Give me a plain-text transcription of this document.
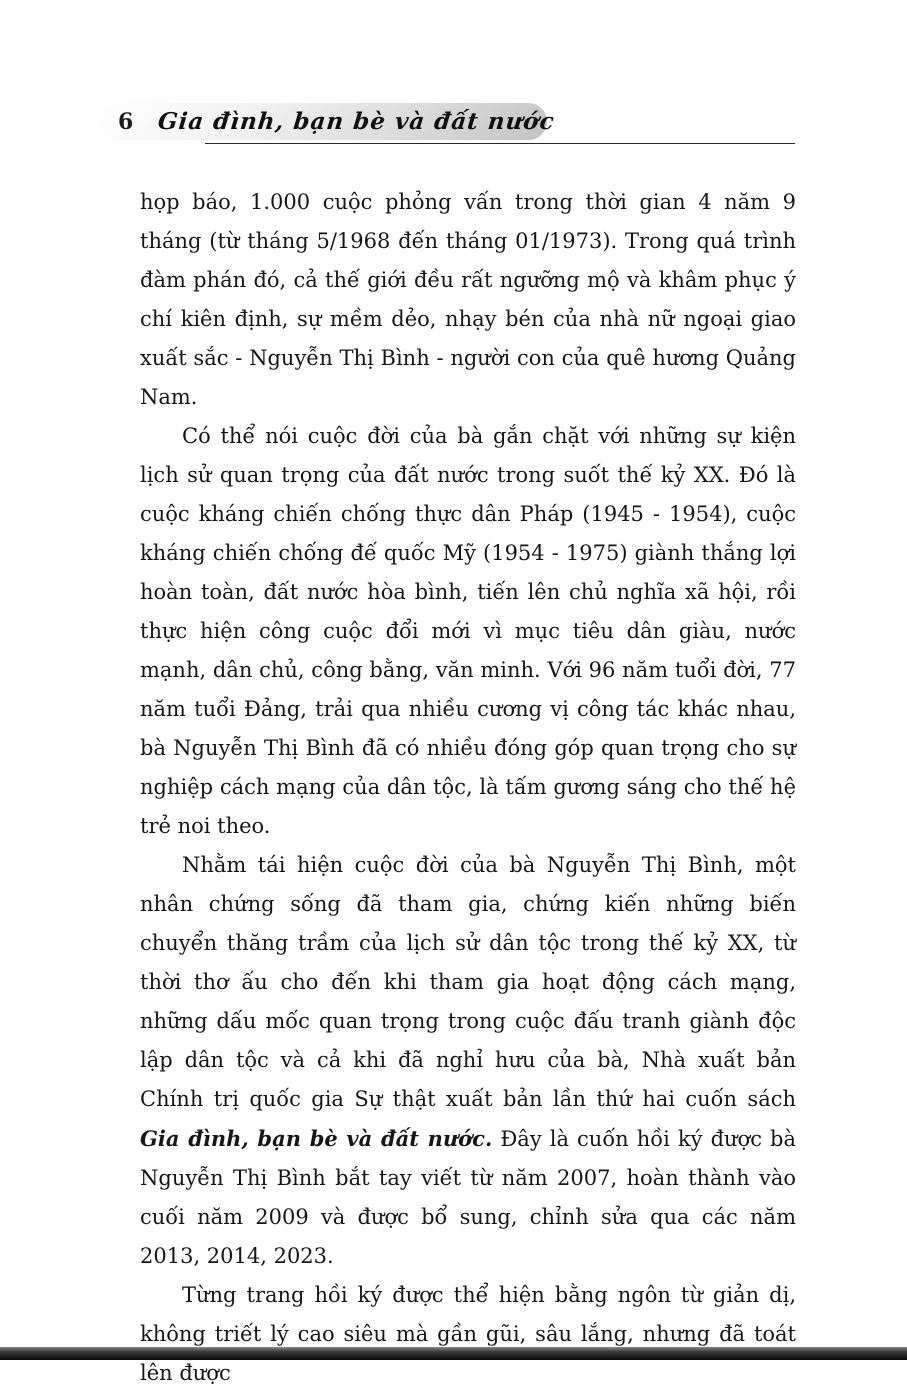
6	Gia đình, bạn bè và đất nước

họp báo, 1.000 cuộc phỏng vấn trong thời gian 4 năm 9 tháng (từ tháng 5/1968 đến tháng 01/1973). Trong quá trình đàm phán đó, cả thế giới đều rất ngưỡng mộ và khâm phục ý chí kiên định, sự mềm dẻo, nhạy bén của nhà nữ ngoại giao xuất sắc - Nguyễn Thị Bình - người con của quê hương Quảng Nam.

Có thể nói cuộc đời của bà gắn chặt với những sự kiện lịch sử quan trọng của đất nước trong suốt thế kỷ XX. Đó là cuộc kháng chiến chống thực dân Pháp (1945 - 1954), cuộc kháng chiến chống đế quốc Mỹ (1954 - 1975) giành thắng lợi hoàn toàn, đất nước hòa bình, tiến lên chủ nghĩa xã hội, rồi thực hiện công cuộc đổi mới vì mục tiêu dân giàu, nước mạnh, dân chủ, công bằng, văn minh. Với 96 năm tuổi đời, 77 năm tuổi Đảng, trải qua nhiều cương vị công tác khác nhau, bà Nguyễn Thị Bình đã có nhiều đóng góp quan trọng cho sự nghiệp cách mạng của dân tộc, là tấm gương sáng cho thế hệ trẻ noi theo.

Nhằm tái hiện cuộc đời của bà Nguyễn Thị Bình, một nhân chứng sống đã tham gia, chứng kiến những biến chuyển thăng trầm của lịch sử dân tộc trong thế kỷ XX, từ thời thơ ấu cho đến khi tham gia hoạt động cách mạng, những dấu mốc quan trọng trong cuộc đấu tranh giành độc lập dân tộc và cả khi đã nghỉ hưu của bà, Nhà xuất bản Chính trị quốc gia Sự thật xuất bản lần thứ hai cuốn sách Gia đình, bạn bè và đất nước. Đây là cuốn hồi ký được bà Nguyễn Thị Bình bắt tay viết từ năm 2007, hoàn thành vào cuối năm 2009 và được bổ sung, chỉnh sửa qua các năm 2013, 2014, 2023.

Từng trang hồi ký được thể hiện bằng ngôn từ giản dị, không triết lý cao siêu mà gần gũi, sâu lắng, nhưng đã toát lên được
